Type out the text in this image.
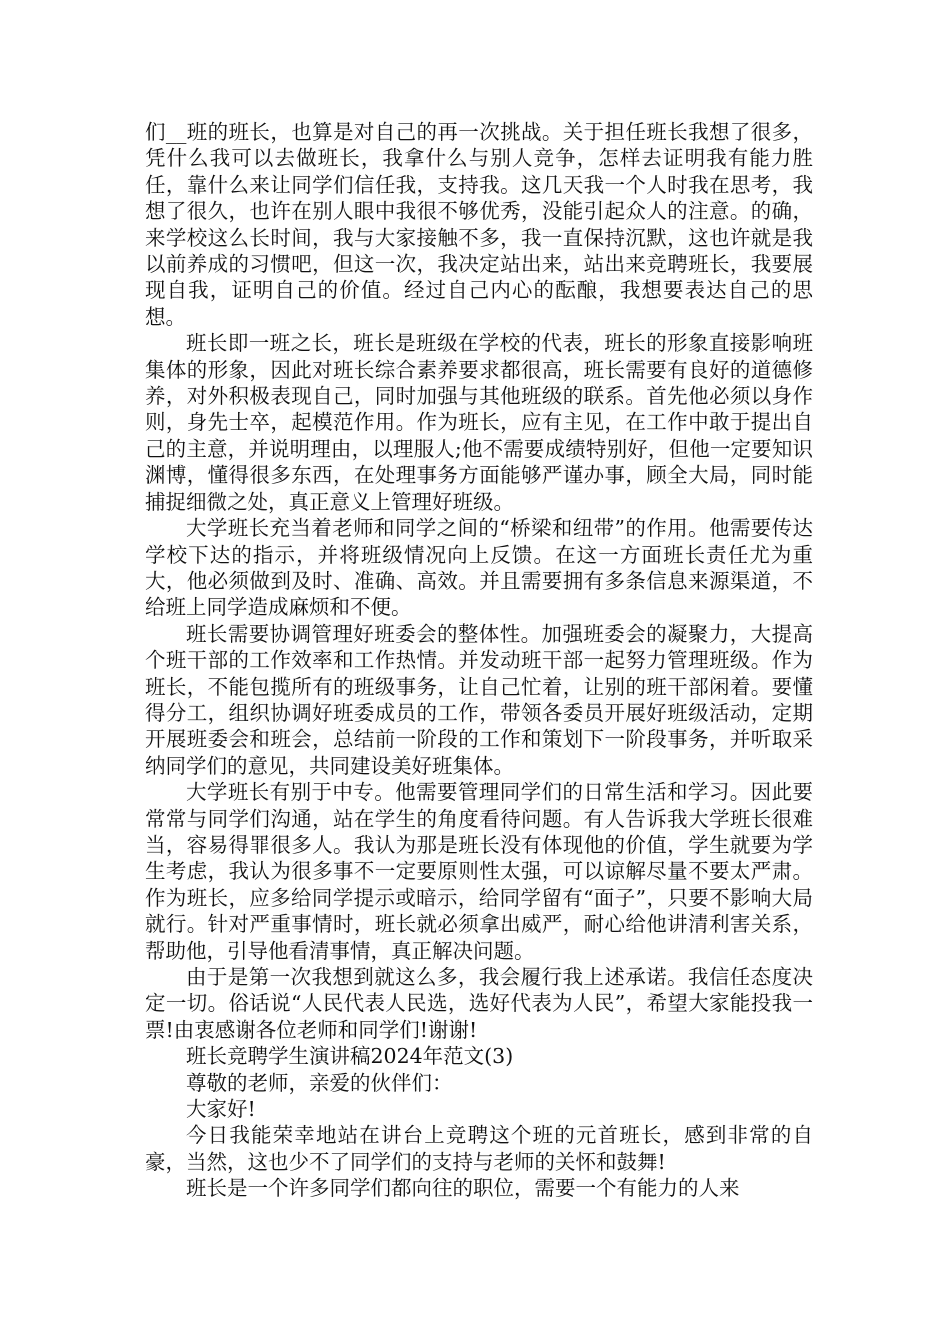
们__班的班长，也算是对自己的再一次挑战。关于担任班长我想了很多，凭什么我可以去做班长，我拿什么与别人竞争，怎样去证明我有能力胜任，靠什么来让同学们信任我，支持我。这几天我一个人时我在思考，我想了很久，也许在别人眼中我很不够优秀，没能引起众人的注意。的确，来学校这么长时间，我与大家接触不多，我一直保持沉默，这也许就是我以前养成的习惯吧，但这一次，我决定站出来，站出来竞聘班长，我要展现自我，证明自己的价值。经过自己内心的酝酿，我想要表达自己的思想。

班长即一班之长，班长是班级在学校的代表，班长的形象直接影响班集体的形象，因此对班长综合素养要求都很高，班长需要有良好的道德修养，对外积极表现自己，同时加强与其他班级的联系。首先他必须以身作则，身先士卒，起模范作用。作为班长，应有主见，在工作中敢于提出自己的主意，并说明理由，以理服人;他不需要成绩特别好，但他一定要知识渊博，懂得很多东西，在处理事务方面能够严谨办事，顾全大局，同时能捕捉细微之处，真正意义上管理好班级。

大学班长充当着老师和同学之间的“桥梁和纽带”的作用。他需要传达学校下达的指示，并将班级情况向上反馈。在这一方面班长责任尤为重大，他必须做到及时、准确、高效。并且需要拥有多条信息来源渠道，不给班上同学造成麻烦和不便。

班长需要协调管理好班委会的整体性。加强班委会的凝聚力，大提高个班干部的工作效率和工作热情。并发动班干部一起努力管理班级。作为班长，不能包揽所有的班级事务，让自己忙着，让别的班干部闲着。要懂得分工，组织协调好班委成员的工作，带领各委员开展好班级活动，定期开展班委会和班会，总结前一阶段的工作和策划下一阶段事务，并听取采纳同学们的意见，共同建设美好班集体。

大学班长有别于中专。他需要管理同学们的日常生活和学习。因此要常常与同学们沟通，站在学生的角度看待问题。有人告诉我大学班长很难当，容易得罪很多人。我认为那是班长没有体现他的价值，学生就要为学生考虑，我认为很多事不一定要原则性太强，可以谅解尽量不要太严肃。作为班长，应多给同学提示或暗示，给同学留有“面子”，只要不影响大局就行。针对严重事情时，班长就必须拿出威严，耐心给他讲清利害关系，帮助他，引导他看清事情，真正解决问题。

由于是第一次我想到就这么多，我会履行我上述承诺。我信任态度决定一切。俗话说“人民代表人民选，选好代表为人民”，希望大家能投我一票!由衷感谢各位老师和同学们!谢谢!

班长竞聘学生演讲稿2024年范文(3)

尊敬的老师，亲爱的伙伴们：

大家好!

今日我能荣幸地站在讲台上竞聘这个班的元首班长，感到非常的自豪，当然，这也少不了同学们的支持与老师的关怀和鼓舞!

班长是一个许多同学们都向往的职位，需要一个有能力的人来
